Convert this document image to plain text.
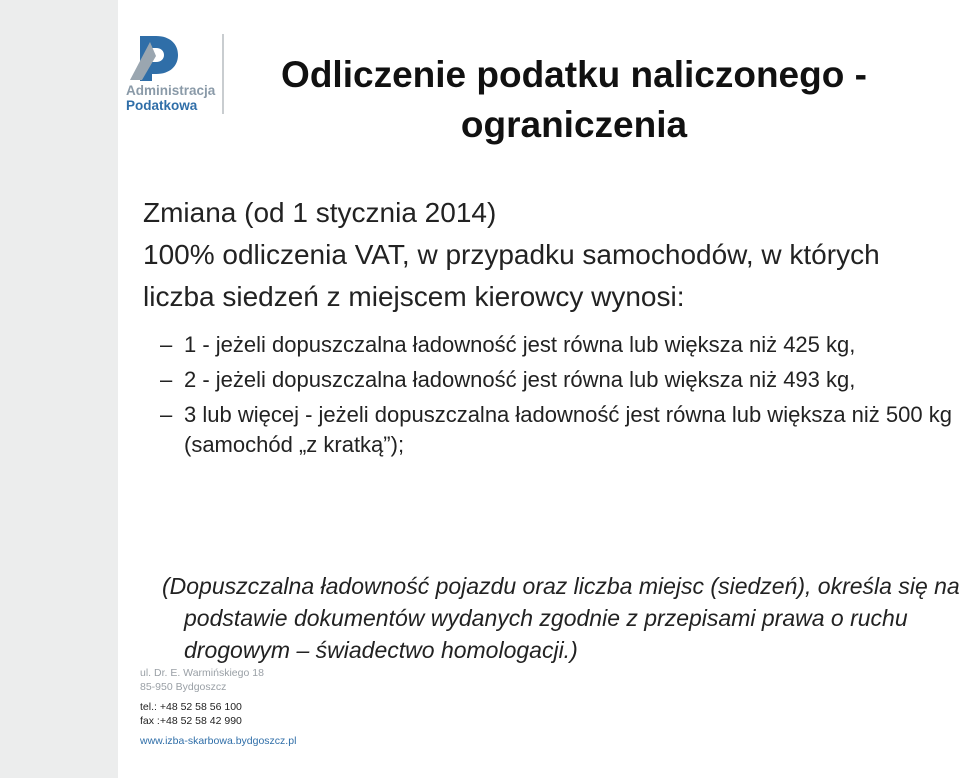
Administracja
Podatkowa
Odliczenie podatku naliczonego - ograniczenia

Zmiana (od 1 stycznia 2014)

100% odliczenia VAT, w przypadku samochodów, w których liczba siedzeń z miejscem kierowcy wynosi:

– 1 - jeżeli dopuszczalna ładowność jest równa lub większa niż 425 kg,
– 2 - jeżeli dopuszczalna ładowność jest równa lub większa niż 493 kg,
– 3 lub więcej - jeżeli dopuszczalna ładowność jest równa lub większa niż 500 kg (samochód „z kratką”);
(Dopuszczalna ładowność pojazdu oraz liczba miejsc (siedzeń), określa się na podstawie dokumentów wydanych zgodnie z przepisami prawa o ruchu drogowym – świadectwo homologacji.)
ul. Dr. E. Warmińskiego 18
85-950 Bydgoszcz
tel.: +48 52 58 56 100
fax :+48 52 58 42 990
www.izba-skarbowa.bydgoszcz.pl
